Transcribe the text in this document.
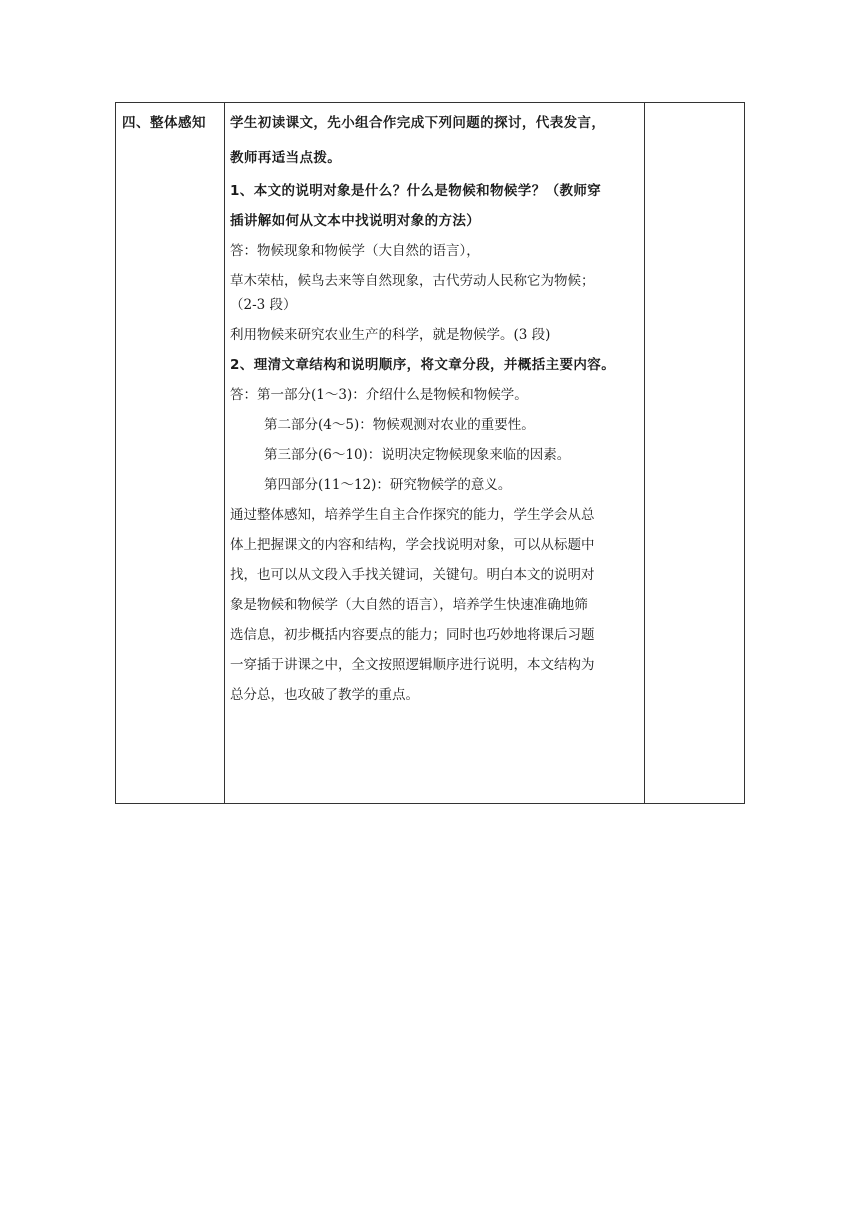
四、整体感知	学生初读课文，先小组合作完成下列问题的探讨，代表发言，
教师再适当点拨。
1、本文的说明对象是什么？什么是物候和物候学？（教师穿
插讲解如何从文本中找说明对象的方法）
答：物候现象和物候学（大自然的语言），
草木荣枯，候鸟去来等自然现象，古代劳动人民称它为物候；
（2-3 段）
利用物候来研究农业生产的科学，就是物候学。(3 段)
2、理清文章结构和说明顺序，将文章分段，并概括主要内容。
答：第一部分(1～3)：介绍什么是物候和物候学。
第二部分(4～5)：物候观测对农业的重要性。
第三部分(6～10)：说明决定物候现象来临的因素。
第四部分(11～12)：研究物候学的意义。
通过整体感知，培养学生自主合作探究的能力，学生学会从总
体上把握课文的内容和结构，学会找说明对象，可以从标题中
找，也可以从文段入手找关键词，关键句。明白本文的说明对
象是物候和物候学（大自然的语言），培养学生快速准确地筛
选信息，初步概括内容要点的能力；同时也巧妙地将课后习题
一穿插于讲课之中，全文按照逻辑顺序进行说明，本文结构为
总分总，也攻破了教学的重点。
